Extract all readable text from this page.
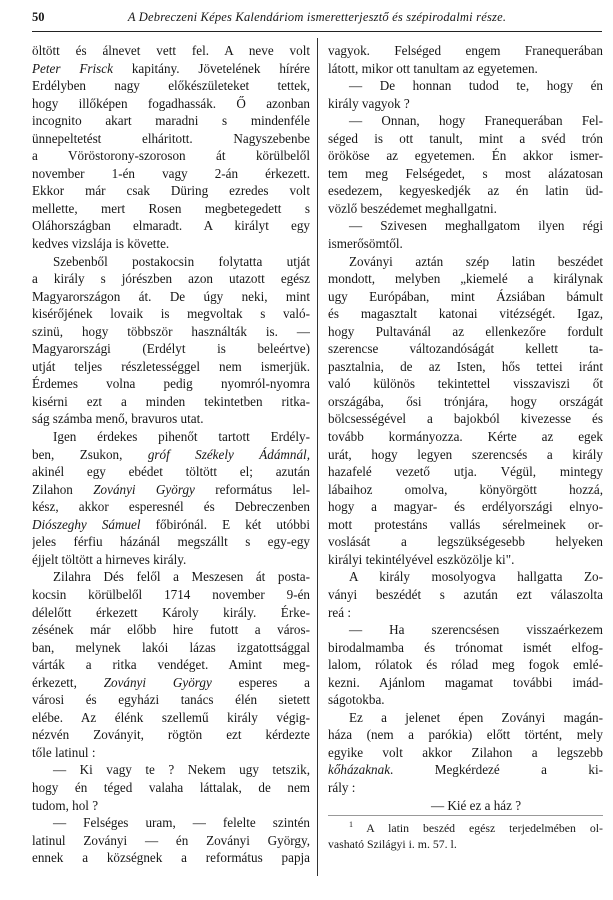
50	A Debreczeni Képes Kalendáriom ismeretterjesztő és szépirodalmi része.
öltött és álnevet vett fel. A neve volt
Peter Frisck kapitány. Jövetelének hírére
Erdélyben nagy előkészületeket tettek,
hogy illőképen fogadhassák. Ő azonban
incognito akart maradni s mindenféle
ünnepeltetést elháritott. Nagyszebenbe
a Vöröstorony-szoroson át körülbelől
november 1-én vagy 2-án érkezett.
Ekkor már csak Düring ezredes volt
mellette, mert Rosen megbetegedett s
Oláhországban elmaradt. A királyt egy
kedves vizslája is követte.
Szebenből postakocsin folytatta utját
a király s jórészben azon utazott egész
Magyarországon át. De úgy neki, mint
kisérőjének lovaik is megvoltak s való-
szinü, hogy többször használták is. —
Magyarországi (Erdélyt is beleértve)
utját teljes részletességgel nem ismerjük.
Érdemes volna pedig nyomról-nyomra
kisérni ezt a minden tekintetben ritka-
ság számba menő, bravuros utat.
Igen érdekes pihenőt tartott Erdély-
ben, Zsukon, gróf Székely Ádámnál,
akinél egy ebédet töltött el; azután
Zilahon Zoványi György református lel-
kész, akkor esperesnél és Debreczenben
Diószeghy Sámuel főbirónál. E két utóbbi
jeles férfiu házánál megszállt s egy-egy
éjjelt töltött a hirneves király.
Zilahra Dés felől a Meszesen át posta-
kocsin körülbelől 1714 november 9-én
délelőtt érkezett Károly király. Érke-
zésének már előbb hire futott a város-
ban, melynek lakói lázas izgatottsággal
várták a ritka vendéget. Amint meg-
érkezett, Zoványi György esperes a
városi és egyházi tanács élén sietett
elébe. Az élénk szellemű király végig-
nézvén Zoványit, rögtön ezt kérdezte
tőle latinul :
— Ki vagy te ? Nekem ugy tetszik,
hogy én téged valaha láttalak, de nem
tudom, hol ?
— Felséges uram, — felelte szintén
latinul Zoványi — én Zoványi György,
ennek a községnek a református papja
vagyok. Felséged engem Franequerában
látott, mikor ott tanultam az egyetemen.
— De honnan tudod te, hogy én
király vagyok ?
— Onnan, hogy Franequerában Fel-
séged is ott tanult, mint a svéd trón
örököse az egyetemen. Én akkor ismer-
tem meg Felségedet, s most alázatosan
esedezem, kegyeskedjék az én latin üd-
vözlő beszédemet meghallgatni.
— Szivesen meghallgatom ilyen régi
ismerősömtől.
Zoványi aztán szép latin beszédet
mondott, melyben „kiemelé a királynak
ugy Európában, mint Ázsiában bámult
és magasztalt katonai vitézségét. Igaz,
hogy Pultavánál az ellenkezőre fordult
szerencse változandóságát kellett ta-
pasztalnia, de az Isten, hős tettei iránt
való különös tekintettel visszaviszi őt
országába, ősi trónjára, hogy országát
bölcsességével a bajokból kivezesse és
tovább kormányozza. Kérte az egek
urát, hogy legyen szerencsés a király
hazafelé vezető utja. Végül, mintegy
lábaihoz omolva, könyörgött hozzá,
hogy a magyar- és erdélyországi elnyo-
mott protestáns vallás sérelmeinek or-
voslását a legszükségesebb helyeken
királyi tekintélyével eszközölje ki".
A király mosolyogva hallgatta Zo-
ványi beszédét s azután ezt válaszolta
reá :
— Ha szerencsésen visszaérkezem
birodalmamba és trónomat ismét elfog-
lalom, rólatok és rólad meg fogok emlé-
kezni. Ajánlom magamat további imád-
ságotokba.
Ez a jelenet épen Zoványi magán-
háza (nem a parókia) előtt történt, mely
egyike volt akkor Zilahon a legszebb
kőházaknak. Megkérdezé a ki-
rály :
— Kié ez a ház ?
$^1$ A latin beszéd egész terjedelmében ol-
vasható Szilágyi i. m. 57. l.
